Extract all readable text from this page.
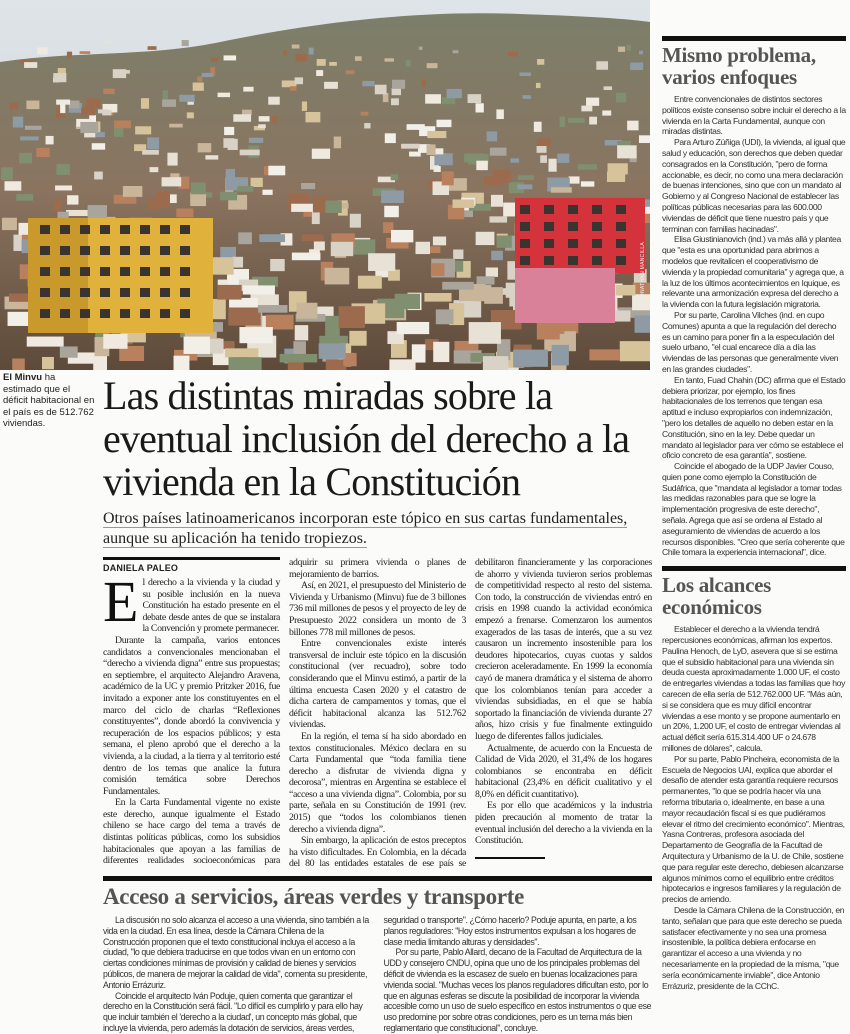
JONATHAN MANCILLA
El Minvu ha estimado que el déficit habitacional en el país es de 512.762 viviendas.
Las distintas miradas sobre la eventual inclusión del derecho a la vivienda en la Constitución
Otros países latinoamericanos incorporan este tópico en sus cartas fundamentales, aunque su aplicación ha tenido tropiezos.
DANIELA PALEO

El derecho a la vivienda y la ciudad y su posible inclusión en la nueva Constitución ha estado presente en el debate desde antes de que se instalara la Convención y promete permanecer.

Durante la campaña, varios entonces candidatos a convencionales mencionaban el “derecho a vivienda digna” entre sus propuestas; en septiembre, el arquitecto Alejandro Aravena, académico de la UC y premio Pritzker 2016, fue invitado a exponer ante los constituyentes en el marco del ciclo de charlas “Reflexiones constituyentes”, donde abordó la convivencia y recuperación de los espacios públicos; y esta semana, el pleno aprobó que el derecho a la vivienda, a la ciudad, a la tierra y al territorio esté dentro de los temas que analice la futura comisión temática sobre Derechos Fundamentales.

En la Carta Fundamental vigente no existe este derecho, aunque igualmente el Estado chileno se hace cargo del tema a través de distintas políticas públicas, como los subsidios habitacionales que apoyan a las familias de diferentes realidades socioeconómicas para adquirir su primera vivienda o planes de mejoramiento de barrios.

Así, en 2021, el presupuesto del Ministerio de Vivienda y Urbanismo (Minvu) fue de 3 billones 736 mil millones de pesos y el proyecto de ley de Presupuesto 2022 considera un monto de 3 billones 778 mil millones de pesos.

Entre convencionales existe interés transversal de incluir este tópico en la discusión constitucional (ver recuadro), sobre todo considerando que el Minvu estimó, a partir de la última encuesta Casen 2020 y el catastro de dicha cartera de campamentos y tomas, que el déficit habitacional alcanza las 512.762 viviendas.

En la región, el tema sí ha sido abordado en textos constitucionales. México declara en su Carta Fundamental que “toda familia tiene derecho a disfrutar de vivienda digna y decorosa”, mientras en Argentina se establece el “acceso a una vivienda digna”. Colombia, por su parte, señala en su Constitución de 1991 (rev. 2015) que “todos los colombianos tienen derecho a vivienda digna”.

Sin embargo, la aplicación de estos preceptos ha visto dificultades. En Colombia, en la década del 80 las entidades estatales de ese país se debilitaron financieramente y las corporaciones de ahorro y vivienda tuvieron serios problemas de competitividad respecto al resto del sistema. Con todo, la construcción de viviendas entró en crisis en 1998 cuando la actividad económica empezó a frenarse. Comenzaron los aumentos exagerados de las tasas de interés, que a su vez causaron un incremento insostenible para los deudores hipotecarios, cuyas cuotas y saldos crecieron aceleradamente. En 1999 la economía cayó de manera dramática y el sistema de ahorro que los colombianos tenían para acceder a viviendas subsidiadas, en el que se había soportado la financiación de vivienda durante 27 años, hizo crisis y fue finalmente extinguido luego de diferentes fallos judiciales.

Actualmente, de acuerdo con la Encuesta de Calidad de Vida 2020, el 31,4% de los hogares colombianos se encontraba en déficit habitacional (23,4% en déficit cualitativo y el 8,0% en déficit cuantitativo).

Es por ello que académicos y la industria piden precaución al momento de tratar la eventual inclusión del derecho a la vivienda en la Constitución.

Acceso a servicios, áreas verdes y transporte

La discusión no solo alcanza el acceso a una vivienda, sino también a la vida en la ciudad. En esa línea, desde la Cámara Chilena de la Construcción proponen que el texto constitucional incluya el acceso a la ciudad, "lo que debiera traducirse en que todos vivan en un entorno con ciertas condiciones mínimas de provisión y calidad de bienes y servicios públicos, de manera de mejorar la calidad de vida", comenta su presidente, Antonio Errázuriz.

Coincide el arquitecto Iván Poduje, quien comenta que garantizar el derecho en la Constitución será fácil. "Lo difícil es cumplirlo y para ello hay que incluir también el 'derecho a la ciudad', un concepto más global, que incluye la vivienda, pero además la dotación de servicios, áreas verdes, seguridad o transporte". ¿Cómo hacerlo? Poduje apunta, en parte, a los planos reguladores: "Hoy estos instrumentos expulsan a los hogares de clase media limitando alturas y densidades".

Por su parte, Pablo Allard, decano de la Facultad de Arquitectura de la UDD y consejero CNDU, opina que uno de los principales problemas del déficit de vivienda es la escasez de suelo en buenas localizaciones para vivienda social. "Muchas veces los planos reguladores dificultan esto, por lo que en algunas esferas se discute la posibilidad de incorporar la vivienda accesible como un uso de suelo específico en estos instrumentos o que ese uso predomine por sobre otras condiciones, pero es un tema más bien reglamentario que constitucional", concluye.

Mismo problema, varios enfoques

Entre convencionales de distintos sectores políticos existe consenso sobre incluir el derecho a la vivienda en la Carta Fundamental, aunque con miradas distintas.

Para Arturo Zúñiga (UDI), la vivienda, al igual que salud y educación, son derechos que deben quedar consagrados en la Constitución, "pero de forma accionable, es decir, no como una mera declaración de buenas intenciones, sino que con un mandato al Gobierno y al Congreso Nacional de establecer las políticas públicas necesarias para las 600.000 viviendas de déficit que tiene nuestro país y que terminan con familias hacinadas".

Elisa Giustinianovich (ind.) va más allá y plantea que "esta es una oportunidad para abrirnos a modelos que revitalicen el cooperativismo de vivienda y la propiedad comunitaria" y agrega que, a la luz de los últimos acontecimientos en Iquique, es relevante una armonización expresa del derecho a la vivienda con la futura legislación migratoria.

Por su parte, Carolina Vilches (ind. en cupo Comunes) apunta a que la regulación del derecho es un camino para poner fin a la especulación del suelo urbano, "el cual encarece día a día las viviendas de las personas que generalmente viven en las grandes ciudades".

En tanto, Fuad Chahin (DC) afirma que el Estado debiera priorizar, por ejemplo, los fines habitacionales de los terrenos que tengan esa aptitud e incluso expropiarlos con indemnización, "pero los detalles de aquello no deben estar en la Constitución, sino en la ley. Debe quedar un mandato al legislador para ver cómo se establece el oficio concreto de esa garantía", sostiene.

Coincide el abogado de la UDP Javier Couso, quien pone como ejemplo la Constitución de Sudáfrica, que "mandata al legislador a tomar todas las medidas razonables para que se logre la implementación progresiva de este derecho", señala. Agrega que así se ordena al Estado al aseguramiento de viviendas de acuerdo a los recursos disponibles. "Creo que sería coherente que Chile tomara la experiencia internacional", dice.

Los alcances económicos

Establecer el derecho a la vivienda tendrá repercusiones económicas, afirman los expertos. Paulina Henoch, de LyD, asevera que si se estima que el subsidio habitacional para una vivienda sin deuda cuesta aproximadamente 1.000 UF, el costo de entregarles viviendas a todas las familias que hoy carecen de ella sería de 512.762.000 UF. "Más aún, si se considera que es muy difícil encontrar viviendas a ese monto y se propone aumentarlo en un 20%, 1.200 UF, el costo de entregar viviendas al actual déficit sería 615.314.400 UF o 24.678 millones de dólares", calcula.

Por su parte, Pablo Pincheira, economista de la Escuela de Negocios UAI, explica que abordar el desafío de atender esta garantía requiere recursos permanentes, "lo que se podría hacer vía una reforma tributaria o, idealmente, en base a una mayor recaudación fiscal si es que pudiéramos elevar el ritmo del crecimiento económico". Mientras, Yasna Contreras, profesora asociada del Departamento de Geografía de la Facultad de Arquitectura y Urbanismo de la U. de Chile, sostiene que para regular este derecho, debiesen alcanzarse algunos mínimos como el equilibrio entre créditos hipotecarios e ingresos familiares y la regulación de precios de arriendo.

Desde la Cámara Chilena de la Construcción, en tanto, señalan que para que este derecho se pueda satisfacer efectivamente y no sea una promesa insostenible, la política debiera enfocarse en garantizar el acceso a una vivienda y no necesariamente en la propiedad de la misma, "que sería económicamente inviable", dice Antonio Errázuriz, presidente de la CChC.
